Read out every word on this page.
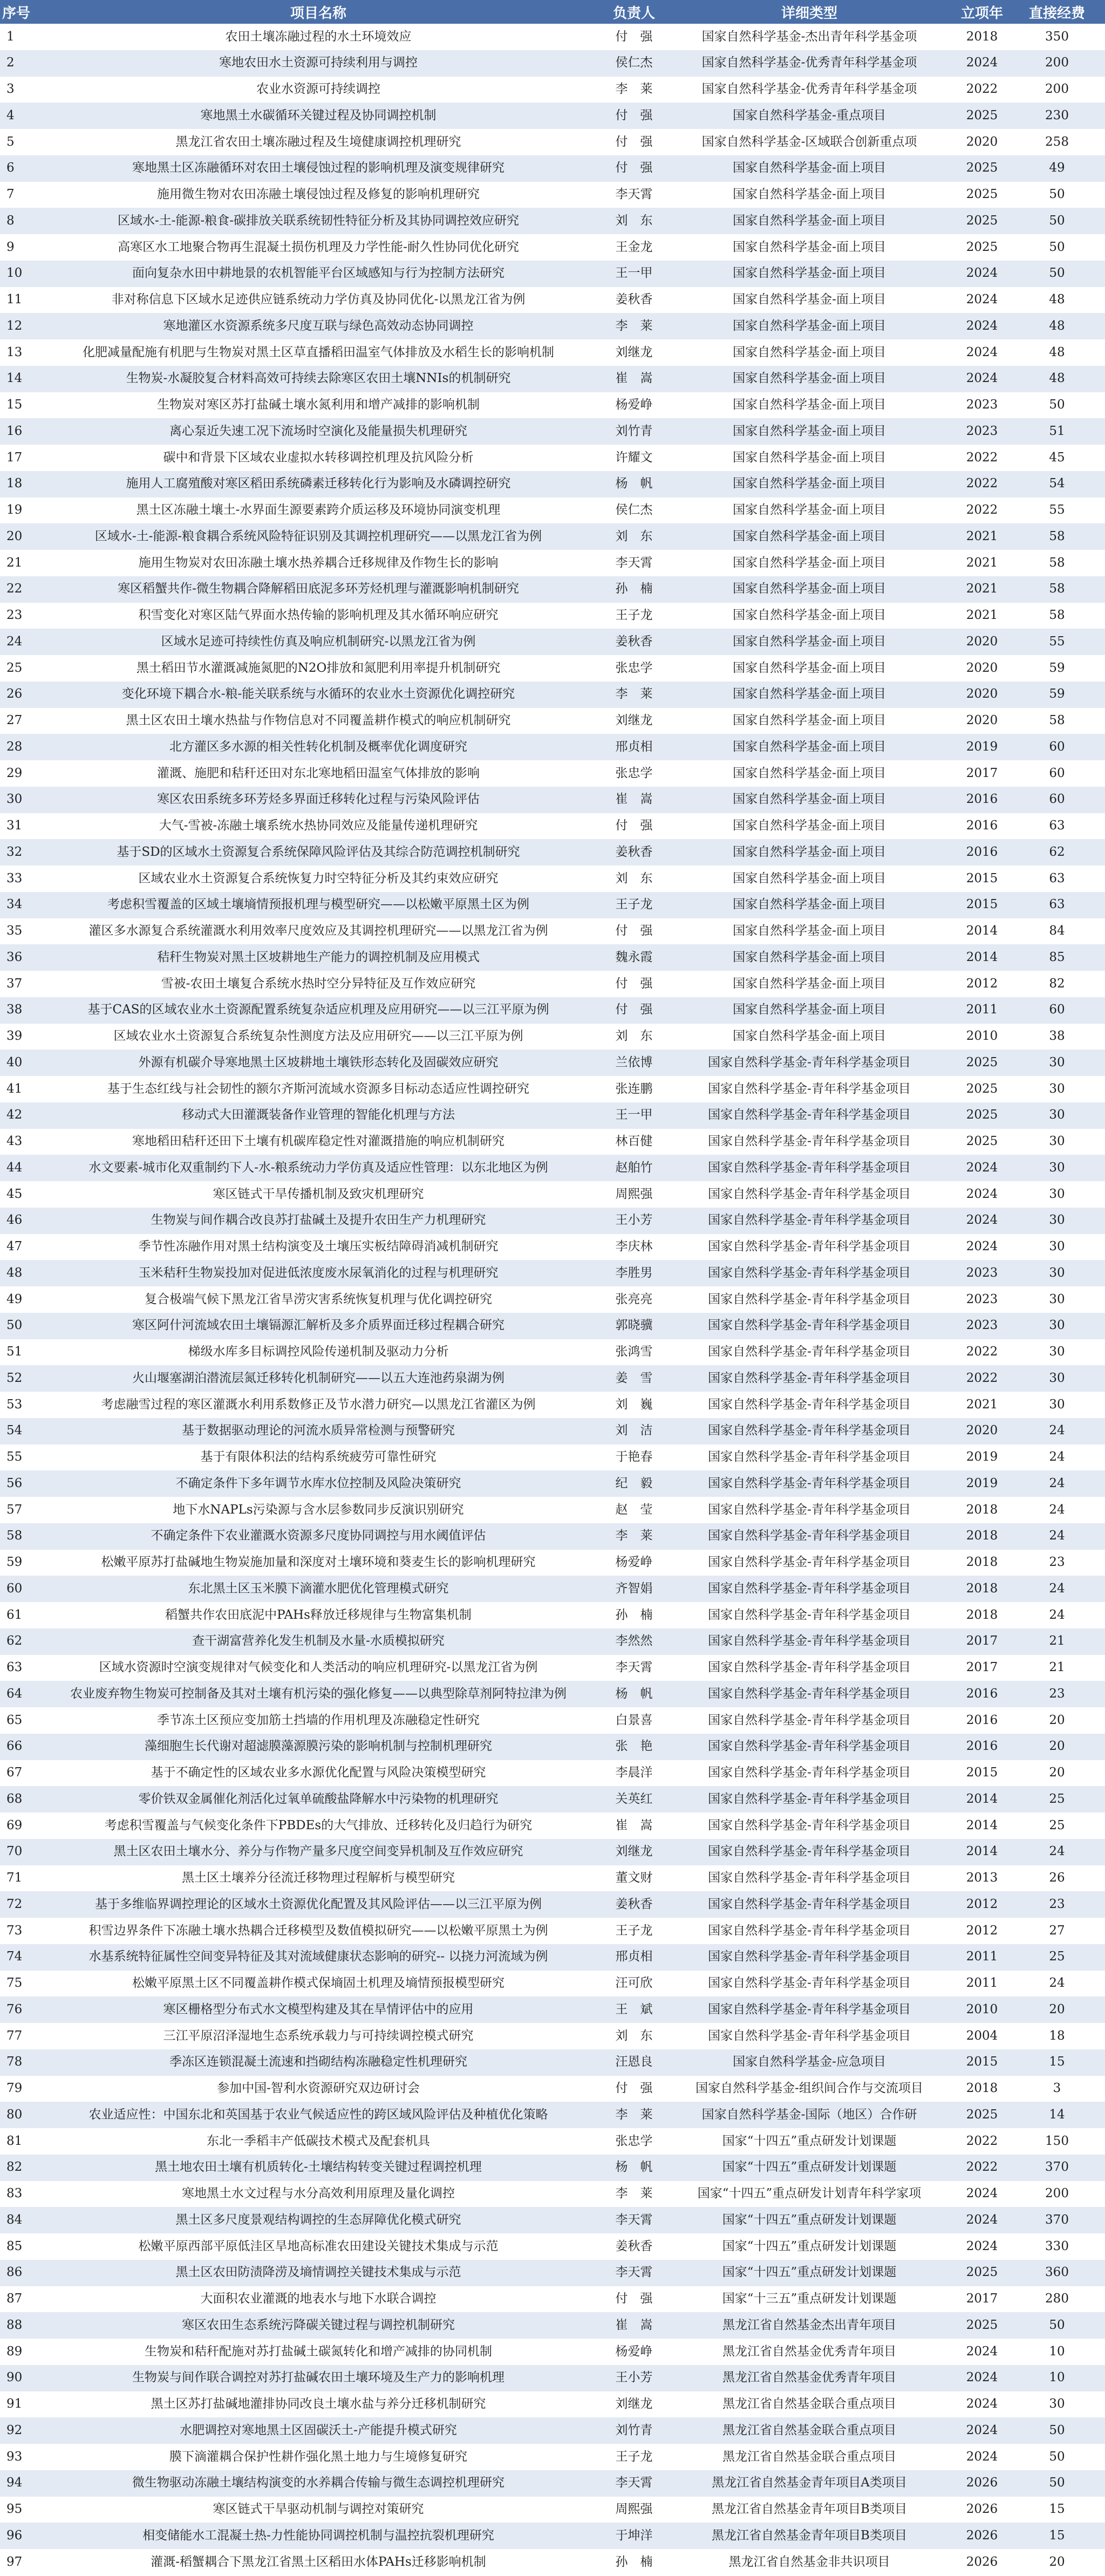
序号	项目名称	负责人	详细类型	立项年	直接经费
1	农田土壤冻融过程的水土环境效应	付　强	国家自然科学基金-杰出青年科学基金项	2018	350
2	寒地农田水土资源可持续利用与调控	侯仁杰	国家自然科学基金-优秀青年科学基金项	2024	200
3	农业水资源可持续调控	李　莱	国家自然科学基金-优秀青年科学基金项	2022	200
4	寒地黑土水碳循环关键过程及协同调控机制	付　强	国家自然科学基金-重点项目	2025	230
5	黑龙江省农田土壤冻融过程及生境健康调控机理研究	付　强	国家自然科学基金-区域联合创新重点项	2020	258
6	寒地黑土区冻融循环对农田土壤侵蚀过程的影响机理及演变规律研究	付　强	国家自然科学基金-面上项目	2025	49
7	施用微生物对农田冻融土壤侵蚀过程及修复的影响机理研究	李天霄	国家自然科学基金-面上项目	2025	50
8	区域水-土-能源-粮食-碳排放关联系统韧性特征分析及其协同调控效应研究	刘　东	国家自然科学基金-面上项目	2025	50
9	高寒区水工地聚合物再生混凝土损伤机理及力学性能-耐久性协同优化研究	王金龙	国家自然科学基金-面上项目	2025	50
10	面向复杂水田中耕地景的农机智能平台区域感知与行为控制方法研究	王一甲	国家自然科学基金-面上项目	2024	50
11	非对称信息下区域水足迹供应链系统动力学仿真及协同优化-以黑龙江省为例	姜秋香	国家自然科学基金-面上项目	2024	48
12	寒地灌区水资源系统多尺度互联与绿色高效动态协同调控	李　莱	国家自然科学基金-面上项目	2024	48
13	化肥减量配施有机肥与生物炭对黑土区草直播稻田温室气体排放及水稻生长的影响机制	刘继龙	国家自然科学基金-面上项目	2024	48
14	生物炭-水凝胶复合材料高效可持续去除寒区农田土壤NNIs的机制研究	崔　嵩	国家自然科学基金-面上项目	2024	48
15	生物炭对寒区苏打盐碱土壤水氮利用和增产减排的影响机制	杨爱峥	国家自然科学基金-面上项目	2023	50
16	离心泵近失速工况下流场时空演化及能量损失机理研究	刘竹青	国家自然科学基金-面上项目	2023	51
17	碳中和背景下区域农业虚拟水转移调控机理及抗风险分析	许耀文	国家自然科学基金-面上项目	2022	45
18	施用人工腐殖酸对寒区稻田系统磷素迁移转化行为影响及水磷调控研究	杨　帆	国家自然科学基金-面上项目	2022	54
19	黑土区冻融土壤土-水界面生源要素跨介质运移及环境协同演变机理	侯仁杰	国家自然科学基金-面上项目	2022	55
20	区域水-土-能源-粮食耦合系统风险特征识别及其调控机理研究——以黑龙江省为例	刘　东	国家自然科学基金-面上项目	2021	58
21	施用生物炭对农田冻融土壤水热养耦合迁移规律及作物生长的影响	李天霄	国家自然科学基金-面上项目	2021	58
22	寒区稻蟹共作-微生物耦合降解稻田底泥多环芳烃机理与灌溉影响机制研究	孙　楠	国家自然科学基金-面上项目	2021	58
23	积雪变化对寒区陆气界面水热传输的影响机理及其水循环响应研究	王子龙	国家自然科学基金-面上项目	2021	58
24	区域水足迹可持续性仿真及响应机制研究-以黑龙江省为例	姜秋香	国家自然科学基金-面上项目	2020	55
25	黑土稻田节水灌溉减施氮肥的N2O排放和氮肥利用率提升机制研究	张忠学	国家自然科学基金-面上项目	2020	59
26	变化环境下耦合水-粮-能关联系统与水循环的农业水土资源优化调控研究	李　莱	国家自然科学基金-面上项目	2020	59
27	黑土区农田土壤水热盐与作物信息对不同覆盖耕作模式的响应机制研究	刘继龙	国家自然科学基金-面上项目	2020	58
28	北方灌区多水源的相关性转化机制及概率优化调度研究	邢贞相	国家自然科学基金-面上项目	2019	60
29	灌溉、施肥和秸秆还田对东北寒地稻田温室气体排放的影响	张忠学	国家自然科学基金-面上项目	2017	60
30	寒区农田系统多环芳烃多界面迁移转化过程与污染风险评估	崔　嵩	国家自然科学基金-面上项目	2016	60
31	大气-雪被-冻融土壤系统水热协同效应及能量传递机理研究	付　强	国家自然科学基金-面上项目	2016	63
32	基于SD的区域水土资源复合系统保障风险评估及其综合防范调控机制研究	姜秋香	国家自然科学基金-面上项目	2016	62
33	区域农业水土资源复合系统恢复力时空特征分析及其约束效应研究	刘　东	国家自然科学基金-面上项目	2015	63
34	考虑积雪覆盖的区域土壤墒情预报机理与模型研究——以松嫩平原黑土区为例	王子龙	国家自然科学基金-面上项目	2015	63
35	灌区多水源复合系统灌溉水利用效率尺度效应及其调控机理研究——以黑龙江省为例	付　强	国家自然科学基金-面上项目	2014	84
36	秸秆生物炭对黑土区坡耕地生产能力的调控机制及应用模式	魏永霞	国家自然科学基金-面上项目	2014	85
37	雪被-农田土壤复合系统水热时空分异特征及互作效应研究	付　强	国家自然科学基金-面上项目	2012	82
38	基于CAS的区域农业水土资源配置系统复杂适应机理及应用研究——以三江平原为例	付　强	国家自然科学基金-面上项目	2011	60
39	区域农业水土资源复合系统复杂性测度方法及应用研究——以三江平原为例	刘　东	国家自然科学基金-面上项目	2010	38
40	外源有机碳介导寒地黑土区坡耕地土壤铁形态转化及固碳效应研究	兰依博	国家自然科学基金-青年科学基金项目	2025	30
41	基于生态红线与社会韧性的额尔齐斯河流域水资源多目标动态适应性调控研究	张连鹏	国家自然科学基金-青年科学基金项目	2025	30
42	移动式大田灌溉装备作业管理的智能化机理与方法	王一甲	国家自然科学基金-青年科学基金项目	2025	30
43	寒地稻田秸秆还田下土壤有机碳库稳定性对灌溉措施的响应机制研究	林百健	国家自然科学基金-青年科学基金项目	2025	30
44	水文要素-城市化双重制约下人-水-粮系统动力学仿真及适应性管理：以东北地区为例	赵舶竹	国家自然科学基金-青年科学基金项目	2024	30
45	寒区链式干旱传播机制及致灾机理研究	周熙强	国家自然科学基金-青年科学基金项目	2024	30
46	生物炭与间作耦合改良苏打盐碱土及提升农田生产力机理研究	王小芳	国家自然科学基金-青年科学基金项目	2024	30
47	季节性冻融作用对黑土结构演变及土壤压实板结障碍消减机制研究	李庆林	国家自然科学基金-青年科学基金项目	2024	30
48	玉米秸秆生物炭投加对促进低浓度废水尿氧消化的过程与机理研究	李胜男	国家自然科学基金-青年科学基金项目	2023	30
49	复合极端气候下黑龙江省旱涝灾害系统恢复机理与优化调控研究	张亮亮	国家自然科学基金-青年科学基金项目	2023	30
50	寒区阿什河流域农田土壤镉源汇解析及多介质界面迁移过程耦合研究	郭晓骥	国家自然科学基金-青年科学基金项目	2023	30
51	梯级水库多目标调控风险传递机制及驱动力分析	张鸿雪	国家自然科学基金-青年科学基金项目	2022	30
52	火山堰塞湖泊潜流层氮迁移转化机制研究——以五大连池药泉湖为例	姜　雪	国家自然科学基金-青年科学基金项目	2022	30
53	考虑融雪过程的寒区灌溉水利用系数修正及节水潜力研究—以黑龙江省灌区为例	刘　巍	国家自然科学基金-青年科学基金项目	2021	30
54	基于数据驱动理论的河流水质异常检测与预警研究	刘　洁	国家自然科学基金-青年科学基金项目	2020	24
55	基于有限体积法的结构系统疲劳可靠性研究	于艳春	国家自然科学基金-青年科学基金项目	2019	24
56	不确定条件下多年调节水库水位控制及风险决策研究	纪　毅	国家自然科学基金-青年科学基金项目	2019	24
57	地下水NAPLs污染源与含水层参数同步反演识别研究	赵　莹	国家自然科学基金-青年科学基金项目	2018	24
58	不确定条件下农业灌溉水资源多尺度协同调控与用水阈值评估	李　莱	国家自然科学基金-青年科学基金项目	2018	24
59	松嫩平原苏打盐碱地生物炭施加量和深度对土壤环境和葵麦生长的影响机理研究	杨爱峥	国家自然科学基金-青年科学基金项目	2018	23
60	东北黑土区玉米膜下滴灌水肥优化管理模式研究	齐智娟	国家自然科学基金-青年科学基金项目	2018	24
61	稻蟹共作农田底泥中PAHs释放迁移规律与生物富集机制	孙　楠	国家自然科学基金-青年科学基金项目	2018	24
62	查干湖富营养化发生机制及水量-水质模拟研究	李然然	国家自然科学基金-青年科学基金项目	2017	21
63	区域水资源时空演变规律对气候变化和人类活动的响应机理研究-以黑龙江省为例	李天霄	国家自然科学基金-青年科学基金项目	2017	21
64	农业废弃物生物炭可控制备及其对土壤有机污染的强化修复——以典型除草剂阿特拉津为例	杨　帆	国家自然科学基金-青年科学基金项目	2016	23
65	季节冻土区预应变加筋土挡墙的作用机理及冻融稳定性研究	白景喜	国家自然科学基金-青年科学基金项目	2016	20
66	藻细胞生长代谢对超滤膜藻源膜污染的影响机制与控制机理研究	张　艳	国家自然科学基金-青年科学基金项目	2016	20
67	基于不确定性的区域农业多水源优化配置与风险决策模型研究	李晨洋	国家自然科学基金-青年科学基金项目	2015	20
68	零价铁双金属催化剂活化过氧单硫酸盐降解水中污染物的机理研究	关英红	国家自然科学基金-青年科学基金项目	2014	25
69	考虑积雪覆盖与气候变化条件下PBDEs的大气排放、迁移转化及归趋行为研究	崔　嵩	国家自然科学基金-青年科学基金项目	2014	25
70	黑土区农田土壤水分、养分与作物产量多尺度空间变异机制及互作效应研究	刘继龙	国家自然科学基金-青年科学基金项目	2014	24
71	黑土区土壤养分径流迁移物理过程解析与模型研究	董文财	国家自然科学基金-青年科学基金项目	2013	26
72	基于多维临界调控理论的区域水土资源优化配置及其风险评估——以三江平原为例	姜秋香	国家自然科学基金-青年科学基金项目	2012	23
73	积雪边界条件下冻融土壤水热耦合迁移模型及数值模拟研究——以松嫩平原黑土为例	王子龙	国家自然科学基金-青年科学基金项目	2012	27
74	水基系统特征属性空间变异特征及其对流域健康状态影响的研究-- 以挠力河流域为例	邢贞相	国家自然科学基金-青年科学基金项目	2011	25
75	松嫩平原黑土区不同覆盖耕作模式保墒固土机理及墒情预报模型研究	汪可欣	国家自然科学基金-青年科学基金项目	2011	24
76	寒区栅格型分布式水文模型构建及其在旱情评估中的应用	王　斌	国家自然科学基金-青年科学基金项目	2010	20
77	三江平原沼泽湿地生态系统承载力与可持续调控模式研究	刘　东	国家自然科学基金-青年科学基金项目	2004	18
78	季冻区连锁混凝土流速和挡砌结构冻融稳定性机理研究	汪恩良	国家自然科学基金-应急项目	2015	15
79	参加中国-智利水资源研究双边研讨会	付　强	国家自然科学基金-组织间合作与交流项目	2018	3
80	农业适应性：中国东北和英国基于农业气候适应性的跨区域风险评估及种植优化策略	李　莱	国家自然科学基金-国际（地区）合作研	2025	14
81	东北一季稻丰产低碳技术模式及配套机具	张忠学	国家“十四五”重点研发计划课题	2022	150
82	黑土地农田土壤有机质转化-土壤结构转变关键过程调控机理	杨　帆	国家“十四五”重点研发计划课题	2022	370
83	寒地黑土水文过程与水分高效利用原理及量化调控	李　莱	国家“十四五”重点研发计划青年科学家项	2024	200
84	黑土区多尺度景观结构调控的生态屏障优化模式研究	李天霄	国家“十四五”重点研发计划课题	2024	370
85	松嫩平原西部平原低洼区旱地高标准农田建设关键技术集成与示范	姜秋香	国家“十四五”重点研发计划课题	2024	330
86	黑土区农田防渍降涝及墒情调控关键技术集成与示范	李天霄	国家“十四五”重点研发计划课题	2025	360
87	大面积农业灌溉的地表水与地下水联合调控	付　强	国家“十三五”重点研发计划课题	2017	280
88	寒区农田生态系统污降碳关键过程与调控机制研究	崔　嵩	黑龙江省自然基金杰出青年项目	2025	50
89	生物炭和秸秆配施对苏打盐碱土碳氮转化和增产减排的协同机制	杨爱峥	黑龙江省自然基金优秀青年项目	2024	10
90	生物炭与间作联合调控对苏打盐碱农田土壤环境及生产力的影响机理	王小芳	黑龙江省自然基金优秀青年项目	2024	10
91	黑土区苏打盐碱地灌排协同改良土壤水盐与养分迁移机制研究	刘继龙	黑龙江省自然基金联合重点项目	2024	30
92	水肥调控对寒地黑土区固碳沃土-产能提升模式研究	刘竹青	黑龙江省自然基金联合重点项目	2024	50
93	膜下滴灌耦合保护性耕作强化黑土地力与生境修复研究	王子龙	黑龙江省自然基金联合重点项目	2024	50
94	微生物驱动冻融土壤结构演变的水养耦合传输与微生态调控机理研究	李天霄	黑龙江省自然基金青年项目A类项目	2026	50
95	寒区链式干旱驱动机制与调控对策研究	周熙强	黑龙江省自然基金青年项目B类项目	2026	15
96	相变储能水工混凝土热-力性能协同调控机制与温控抗裂机理研究	于坤洋	黑龙江省自然基金青年项目B类项目	2026	15
97	灌溉-稻蟹耦合下黑龙江省黑土区稻田水体PAHs迁移影响机制	孙　楠	黑龙江省自然基金非共识项目	2026	20
